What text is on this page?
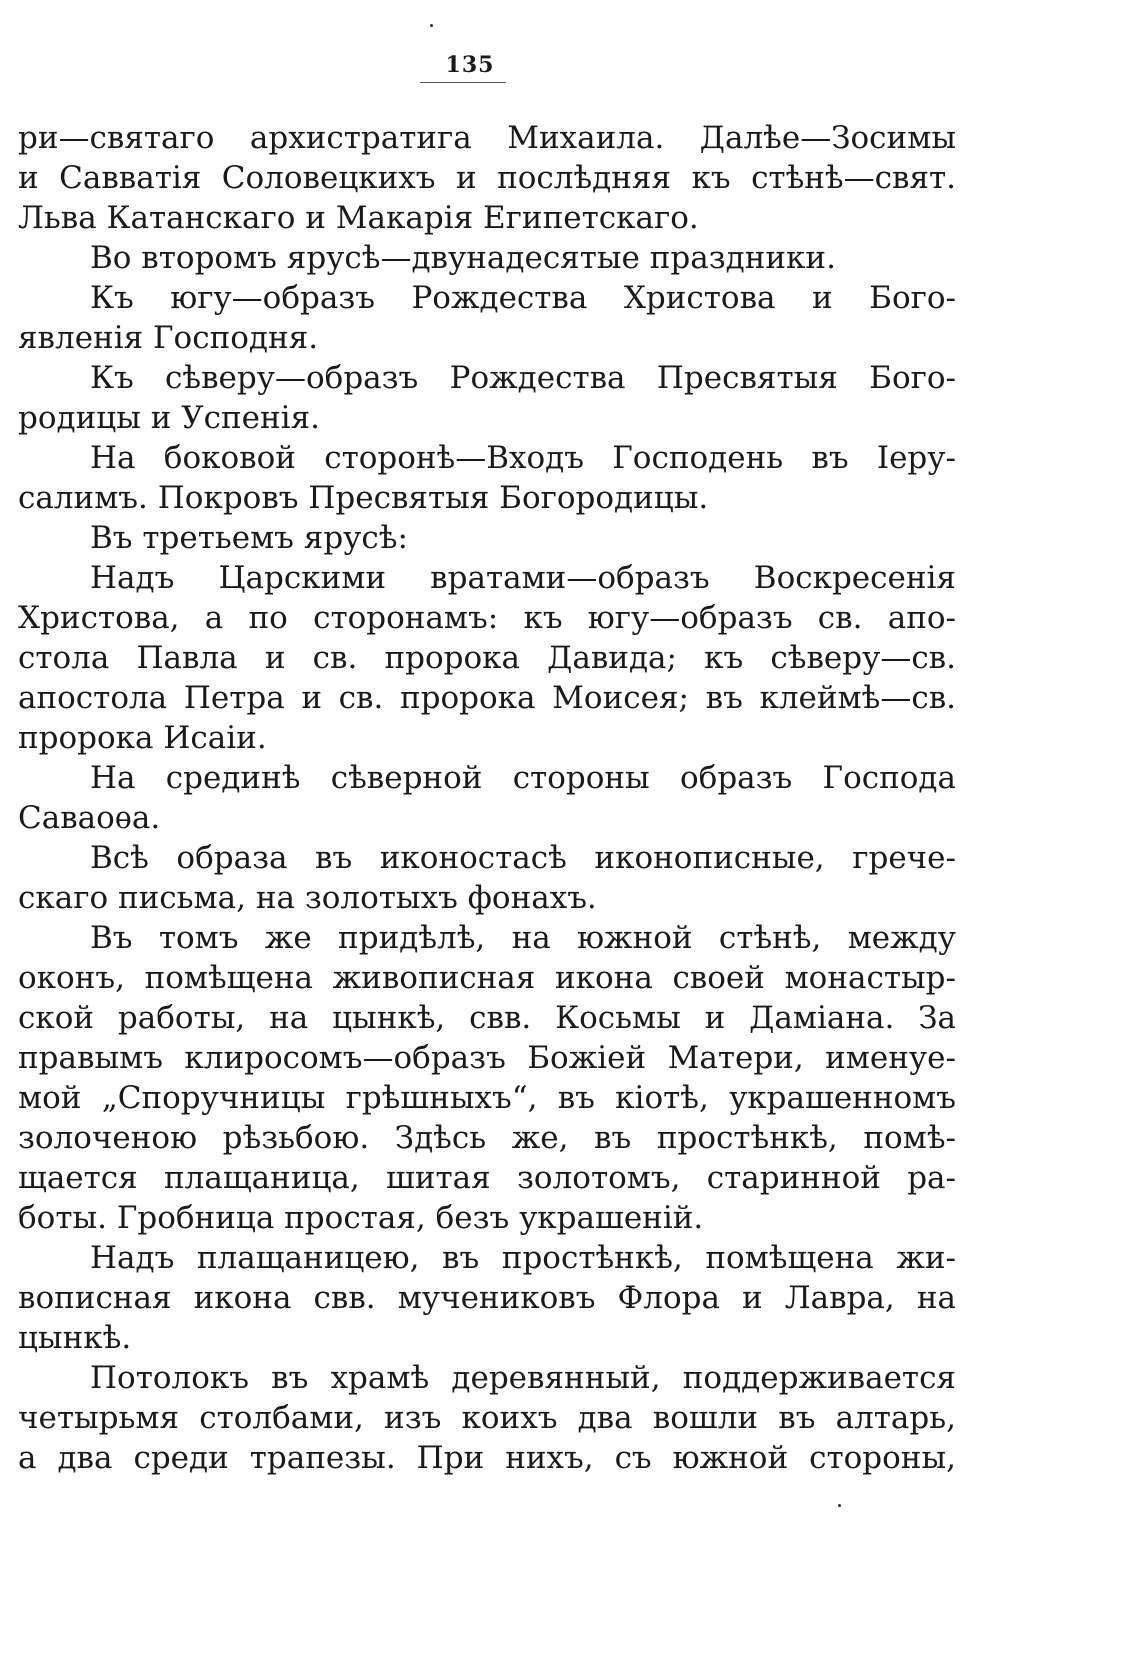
135
ри—святаго архистратига Михаила. Далѣе—Зосимы
и Савватія Соловецкихъ и послѣдняя къ стѣнѣ—свят.
Льва Катанскаго и Макарія Египетскаго.
Во второмъ ярусѣ—двунадесятые праздники.
Къ югу—образъ Рождества Христова и Бого-
явленія Господня.
Къ сѣверу—образъ Рождества Пресвятыя Бого-
родицы и Успенія.
На боковой сторонѣ—Входъ Господень въ Іеру-
салимъ. Покровъ Пресвятыя Богородицы.
Въ третьемъ ярусѣ:
Надъ Царскими вратами—образъ Воскресенія
Христова, а по сторонамъ: къ югу—образъ св. апо-
стола Павла и св. пророка Давида; къ сѣверу—св.
апостола Петра и св. пророка Моисея; въ клеймѣ—св.
пророка Исаіи.
На срединѣ сѣверной стороны образъ Господа
Саваоѳа.
Всѣ образа въ иконостасѣ иконописные, грече-
скаго письма, на золотыхъ фонахъ.
Въ томъ же придѣлѣ, на южной стѣнѣ, между
оконъ, помѣщена живописная икона своей монастыр-
ской работы, на цынкѣ, свв. Косьмы и Даміана. За
правымъ клиросомъ—образъ Божіей Матери, именуе-
мой „Споручницы грѣшныхъ“, въ кіотѣ, украшенномъ
золоченою рѣзьбою. Здѣсь же, въ простѣнкѣ, помѣ-
щается плащаница, шитая золотомъ, старинной ра-
боты. Гробница простая, безъ украшеній.
Надъ плащаницею, въ простѣнкѣ, помѣщена жи-
вописная икона свв. мучениковъ Флора и Лавра, на
цынкѣ.
Потолокъ въ храмѣ деревянный, поддерживается
четырьмя столбами, изъ коихъ два вошли въ алтарь,
а два среди трапезы. При нихъ, съ южной стороны,
